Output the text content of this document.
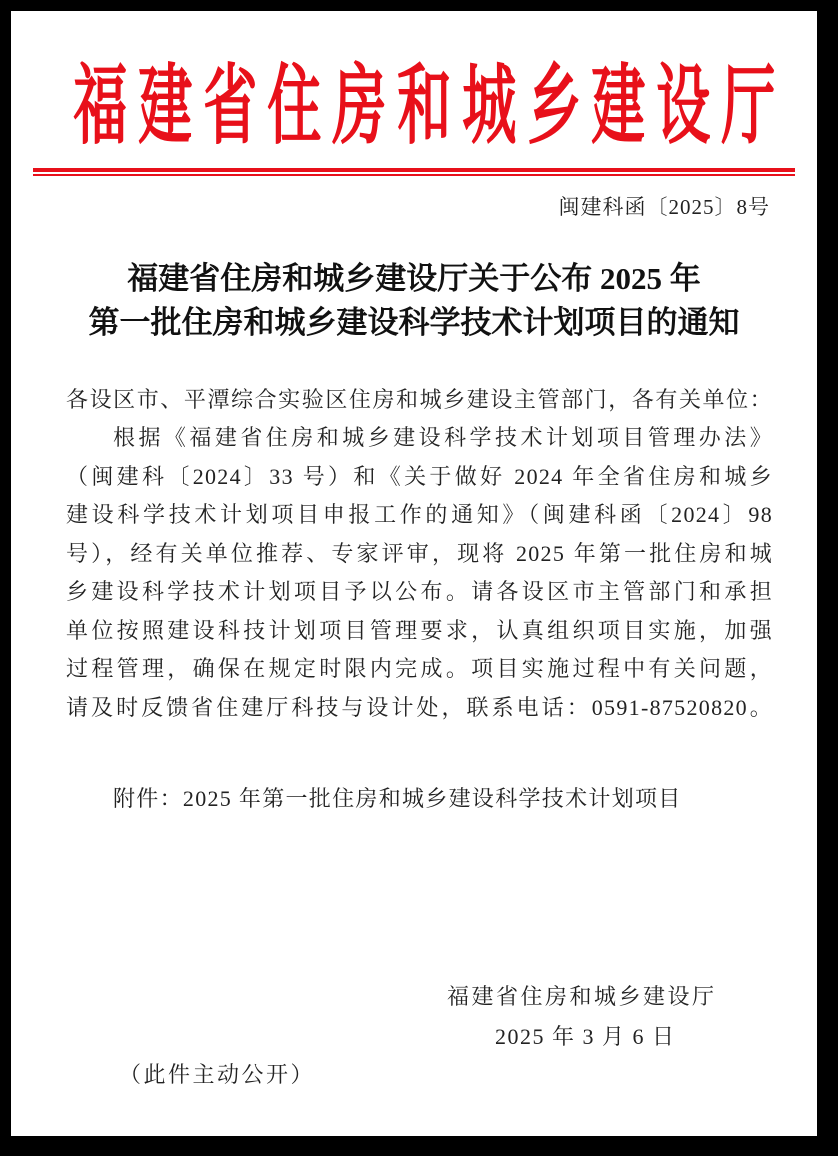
福 建 省 住 房 和 城 乡 建 设 厅
闽建科函〔2025〕8号
福建省住房和城乡建设厅关于公布 2025 年
第一批住房和城乡建设科学技术计划项目的通知
各设区市、平潭综合实验区住房和城乡建设主管部门，各有关单位：
根据《福建省住房和城乡建设科学技术计划项目管理办法》
（闽建科〔2024〕33 号）和《关于做好 2024 年全省住房和城乡
建设科学技术计划项目申报工作的通知》（闽建科函〔2024〕98
号），经有关单位推荐、专家评审，现将 2025 年第一批住房和城
乡建设科学技术计划项目予以公布。请各设区市主管部门和承担
单位按照建设科技计划项目管理要求，认真组织项目实施，加强
过程管理，确保在规定时限内完成。项目实施过程中有关问题，
请及时反馈省住建厅科技与设计处，联系电话：0591-87520820。
附件：2025 年第一批住房和城乡建设科学技术计划项目
福建省住房和城乡建设厅
2025 年 3 月 6 日
（此件主动公开）
